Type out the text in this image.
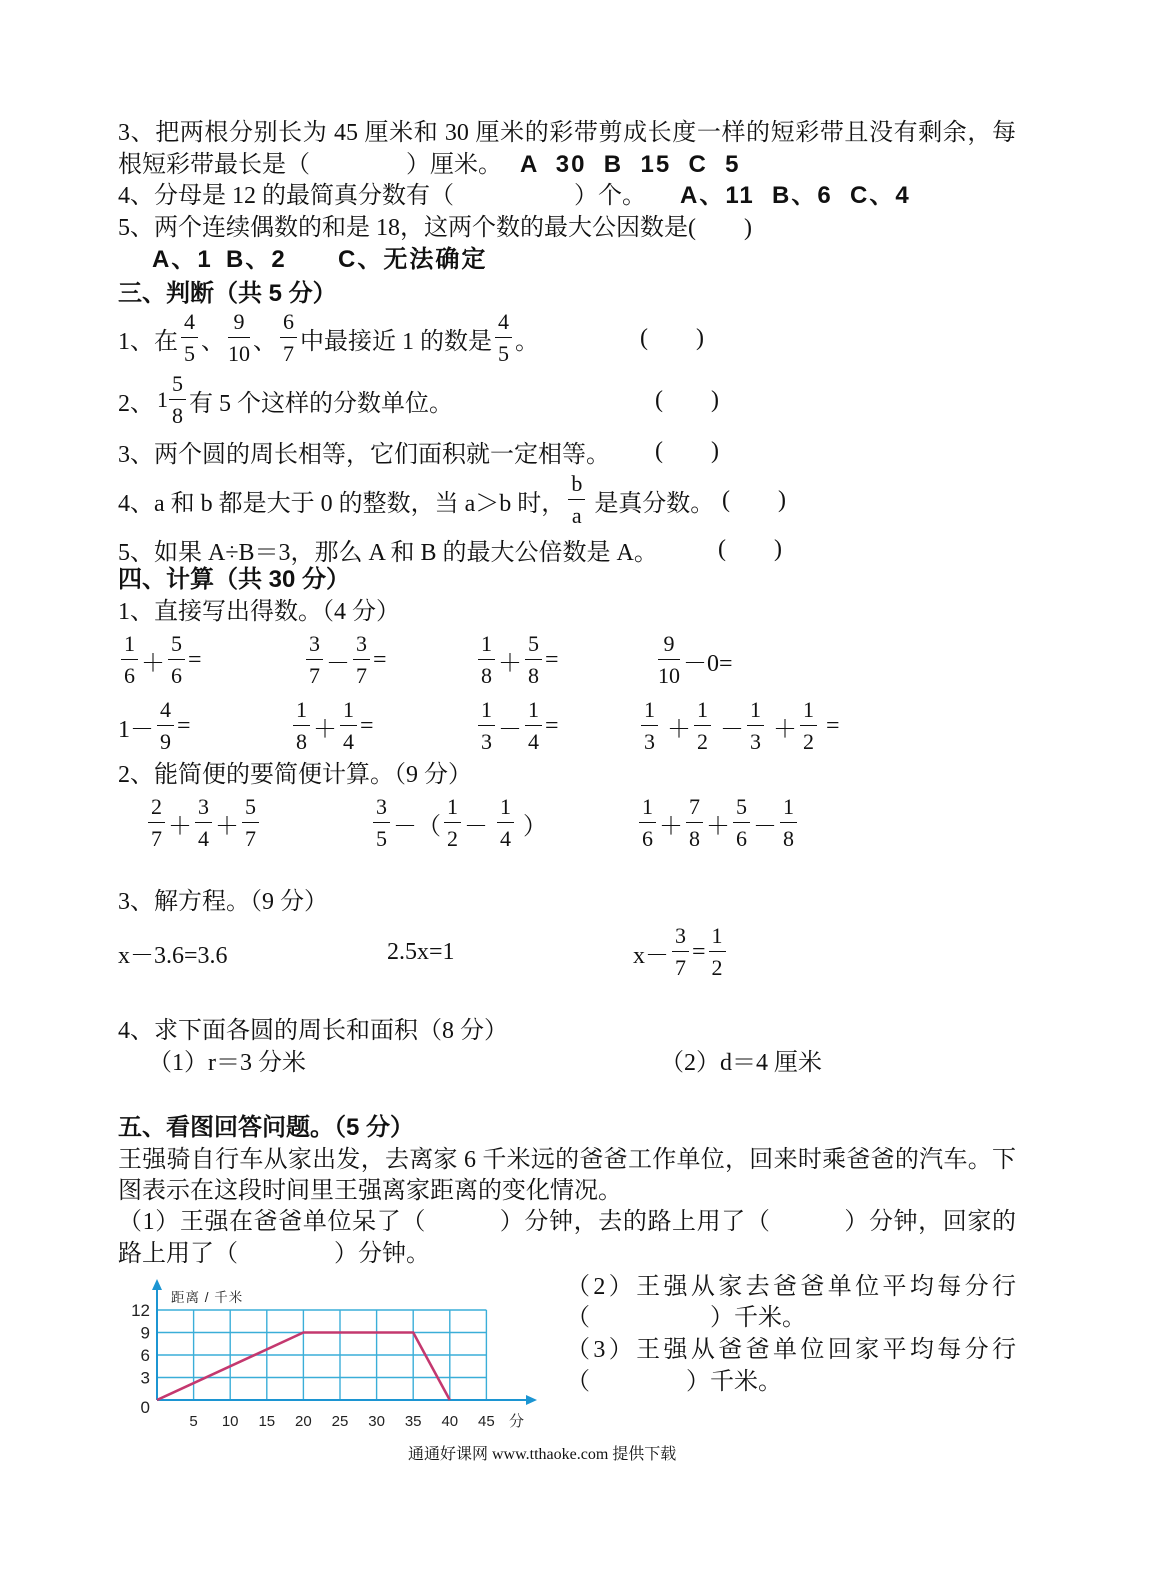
3、把两根分别长为 45 厘米和 30 厘米的彩带剪成长度一样的短彩带且没有剩余，每
根短彩带最长是（　　　　）厘米。 A  30  B  15  C  5
4、分母是 12 的最简真分数有（　　　　　）个。 A、11  B、6  C、4
5、两个连续偶数的和是 18，这两个数的最大公因数是(　　)
A、1 B、2 C、无法确定
三、判断（共 5 分）
1、在 $\frac{4}{5}$ 、 $\frac{9}{10}$ 、 $\frac{6}{7}$ 中最接近 1 的数是 $\frac{4}{5}$ 。	(　　)
2、 $1 \frac{5}{8}$ 有 5 个这样的分数单位。	(　　)
3、两个圆的周长相等，它们面积就一定相等。 (　　)
4、a 和 b 都是大于 0 的整数，当 a＞b 时， $\frac{b}{a}$ 是真分数。 (　　)
5、如果 A÷B＝3，那么 A 和 B 的最大公倍数是 A。	(　　)
四、计算（共 30 分）
1、直接写出得数。（4 分）
$\frac{1}{6} + \frac{5}{6}$ =	$\frac{3}{7} - \frac{3}{7}$ =	$\frac{1}{8} + \frac{5}{8}$ =	$\frac{9}{10} -0=$
$1- \frac{4}{9}$ =	$\frac{1}{8} + \frac{1}{4}$ =	$\frac{1}{3} - \frac{1}{4}$ =	$\frac{1}{3} + \frac{1}{2} - \frac{1}{3} + \frac{1}{2}$ =
2、能简便的要简便计算。（9 分）
$\frac{2}{7} + \frac{3}{4} + \frac{5}{7}$	$\frac{3}{5}$ －（ $\frac{1}{2} - \frac{1}{4}$ ）	$\frac{1}{6} + \frac{7}{8} + \frac{5}{6} - \frac{1}{8}$
3、解方程。（9 分）
x－3.6=3.6	2.5x=1	$x- \frac{3}{7} = \frac{1}{2}$
4、求下面各圆的周长和面积（8 分）
（1）r＝3 分米	（2）d＝4 厘米
五、看图回答问题。（5 分）
王强骑自行车从家出发，去离家 6 千米远的爸爸工作单位，回来时乘爸爸的汽车。下
图表示在这段时间里王强离家距离的变化情况。
（1）王强在爸爸单位呆了（　　　）分钟，去的路上用了（　　　）分钟，回家的
路上用了（　　　　）分钟。
（2）王强从家去爸爸单位平均每分行
（　　　　　）千米。
（3）王强从爸爸单位回家平均每分行
（　　　　）千米。
0
3
6
9
12
5 10 15 20 25 30 35 40 45
距离 / 千米
分
通通好课网 www.tthaoke.com 提供下载
